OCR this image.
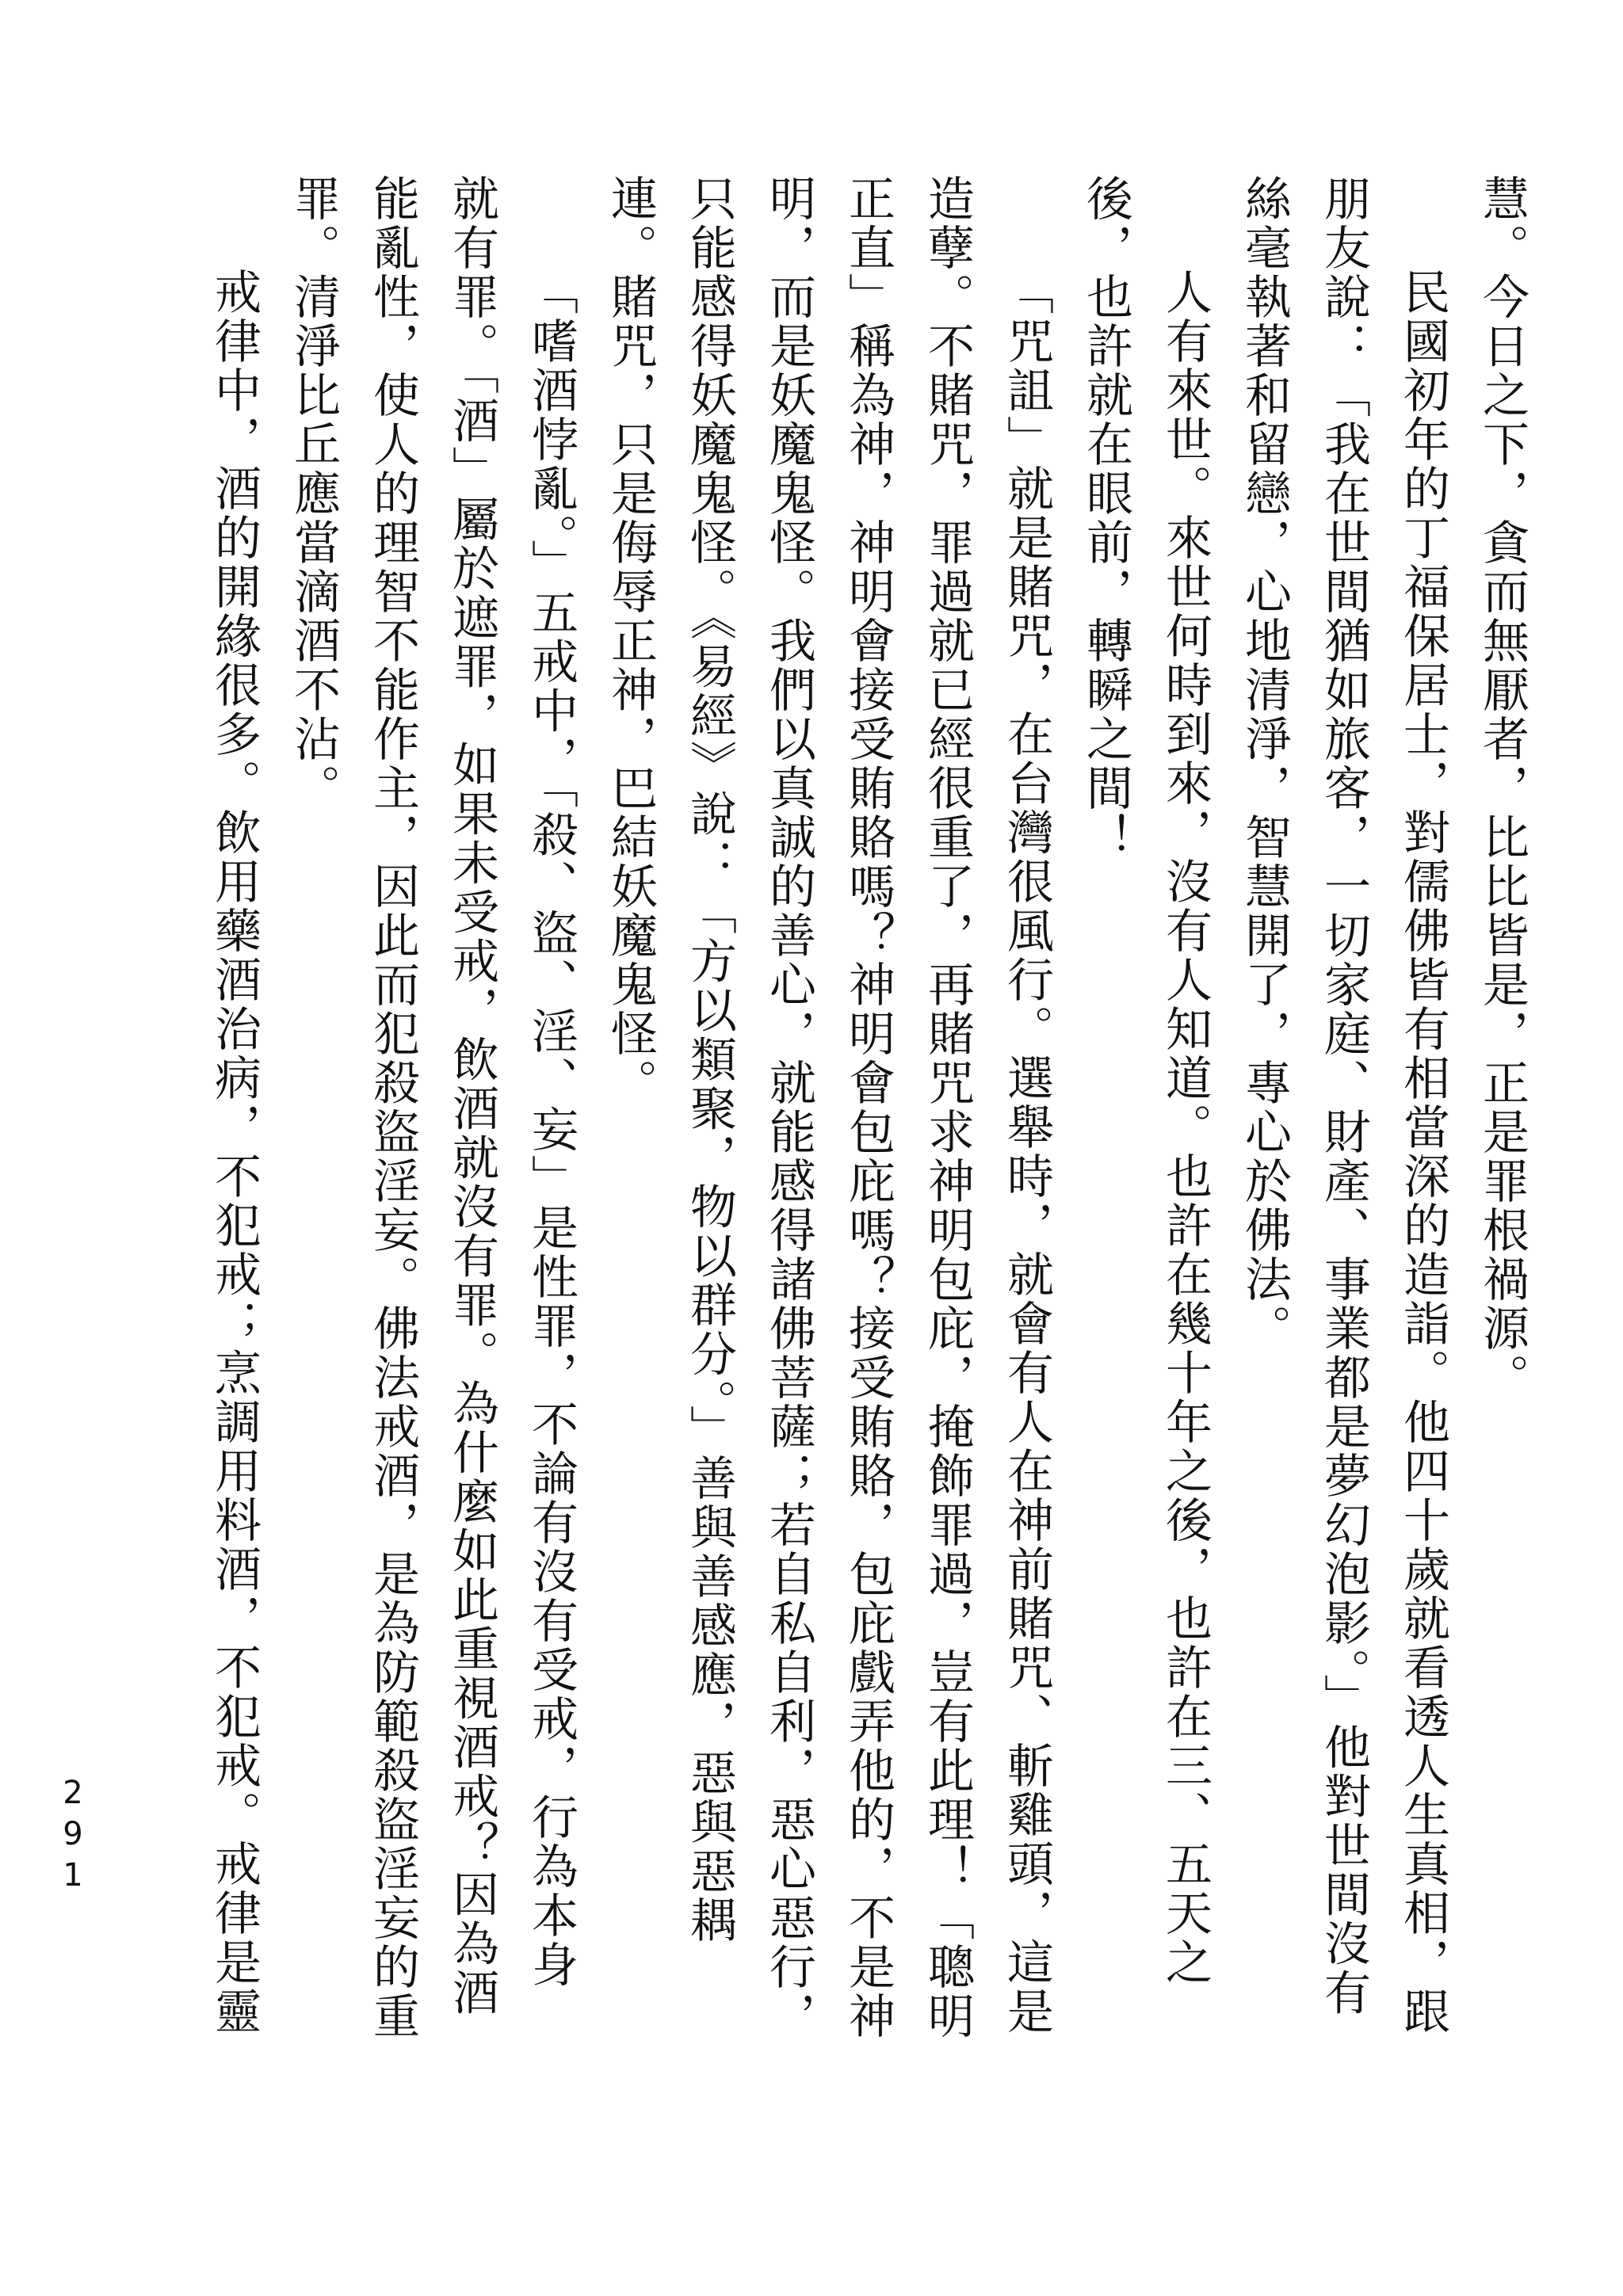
慧。今日之下，貪而無厭者，比比皆是，正是罪根禍源。
民國初年的丁福保居士，對儒佛皆有相當深的造詣。他四十歲就看透人生真相，跟
朋友說：「我在世間猶如旅客，一切家庭、財產、事業都是夢幻泡影。」他對世間沒有
絲毫執著和留戀，心地清淨，智慧開了，專心於佛法。
人有來世。來世何時到來，沒有人知道。也許在幾十年之後，也許在三、五天之
後，也許就在眼前，轉瞬之間！
「咒詛」就是賭咒，在台灣很風行。選舉時，就會有人在神前賭咒、斬雞頭，這是
造孽。不賭咒，罪過就已經很重了，再賭咒求神明包庇，掩飾罪過，豈有此理！「聰明
正直」稱為神，神明會接受賄賂嗎？神明會包庇嗎？接受賄賂，包庇戲弄他的，不是神
明，而是妖魔鬼怪。我們以真誠的善心，就能感得諸佛菩薩；若自私自利，惡心惡行，
只能感得妖魔鬼怪。《易經》說：「方以類聚，物以群分。」善與善感應，惡與惡耦
連。賭咒，只是侮辱正神，巴結妖魔鬼怪。
「嗜酒悖亂。」五戒中，「殺、盜、淫、妄」是性罪，不論有沒有受戒，行為本身
就有罪。「酒」屬於遮罪，如果未受戒，飲酒就沒有罪。為什麼如此重視酒戒？因為酒
能亂性，使人的理智不能作主，因此而犯殺盜淫妄。佛法戒酒，是為防範殺盜淫妄的重
罪。清淨比丘應當滴酒不沾。
戒律中，酒的開緣很多。飲用藥酒治病，不犯戒；烹調用料酒，不犯戒。戒律是靈
291
